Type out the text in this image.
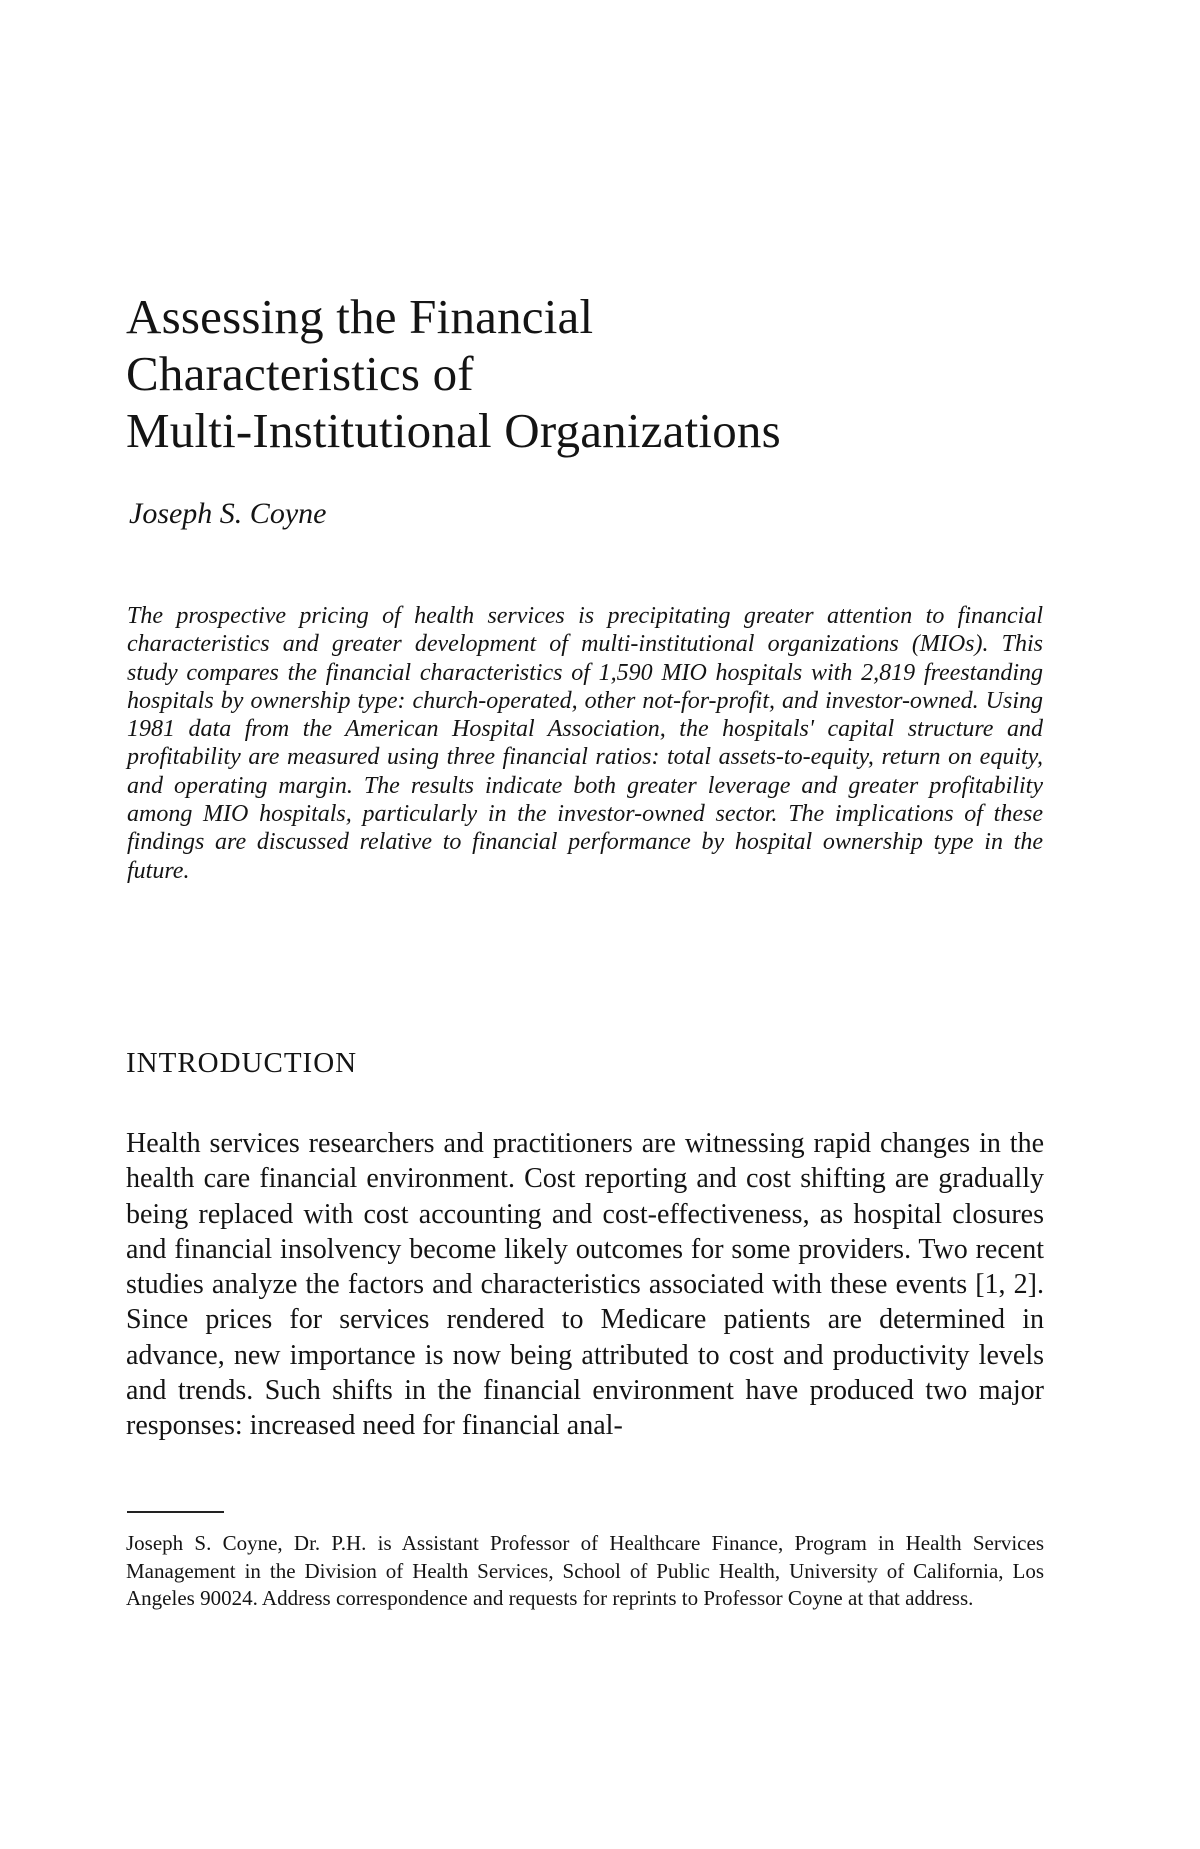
Assessing the Financial
Characteristics of
Multi-Institutional Organizations
Joseph S. Coyne

The prospective pricing of health services is precipitating greater attention to financial characteristics and greater development of multi-institutional organizations (MIOs). This study compares the financial characteristics of 1,590 MIO hospitals with 2,819 freestanding hospitals by ownership type: church-operated, other not-for-profit, and investor-owned. Using 1981 data from the American Hospital Association, the hospitals' capital structure and profitability are measured using three financial ratios: total assets-to-equity, return on equity, and operating margin. The results indicate both greater leverage and greater profitability among MIO hospitals, particularly in the investor-owned sector. The implications of these findings are discussed relative to financial performance by hospital ownership type in the future.

INTRODUCTION

Health services researchers and practitioners are witnessing rapid changes in the health care financial environment. Cost reporting and cost shifting are gradually being replaced with cost accounting and cost-effectiveness, as hospital closures and financial insolvency become likely outcomes for some providers. Two recent studies analyze the factors and characteristics associated with these events [1, 2]. Since prices for services rendered to Medicare patients are determined in advance, new importance is now being attributed to cost and productivity levels and trends. Such shifts in the financial environment have produced two major responses: increased need for financial anal-

Joseph S. Coyne, Dr. P.H. is Assistant Professor of Healthcare Finance, Program in Health Services Management in the Division of Health Services, School of Public Health, University of California, Los Angeles 90024. Address correspondence and requests for reprints to Professor Coyne at that address.
